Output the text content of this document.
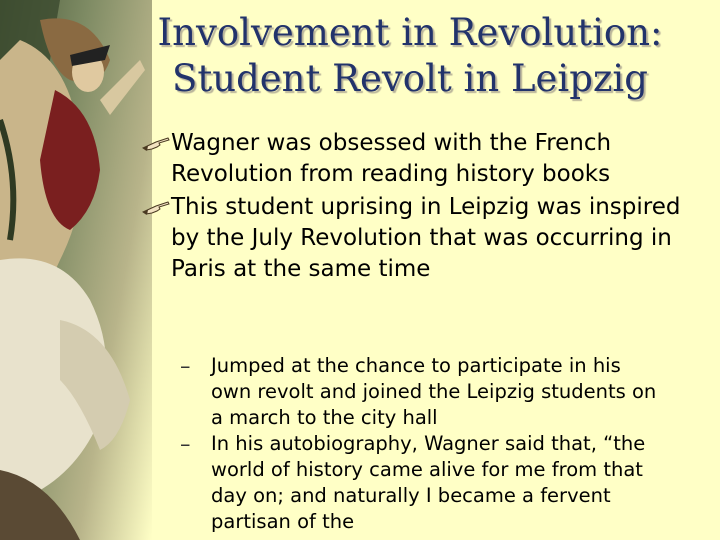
Involvement in Revolution:
Student Revolt in Leipzig
Wagner was obsessed with the French Revolution from reading history books
This student uprising in Leipzig was inspired by the July Revolution that was occurring in Paris at the same time
– Jumped at the chance to participate in his own revolt and joined the Leipzig students on a march to the city hall
– In his autobiography, Wagner said that, “the world of history came alive for me from that day on; and naturally I became a fervent partisan of the
